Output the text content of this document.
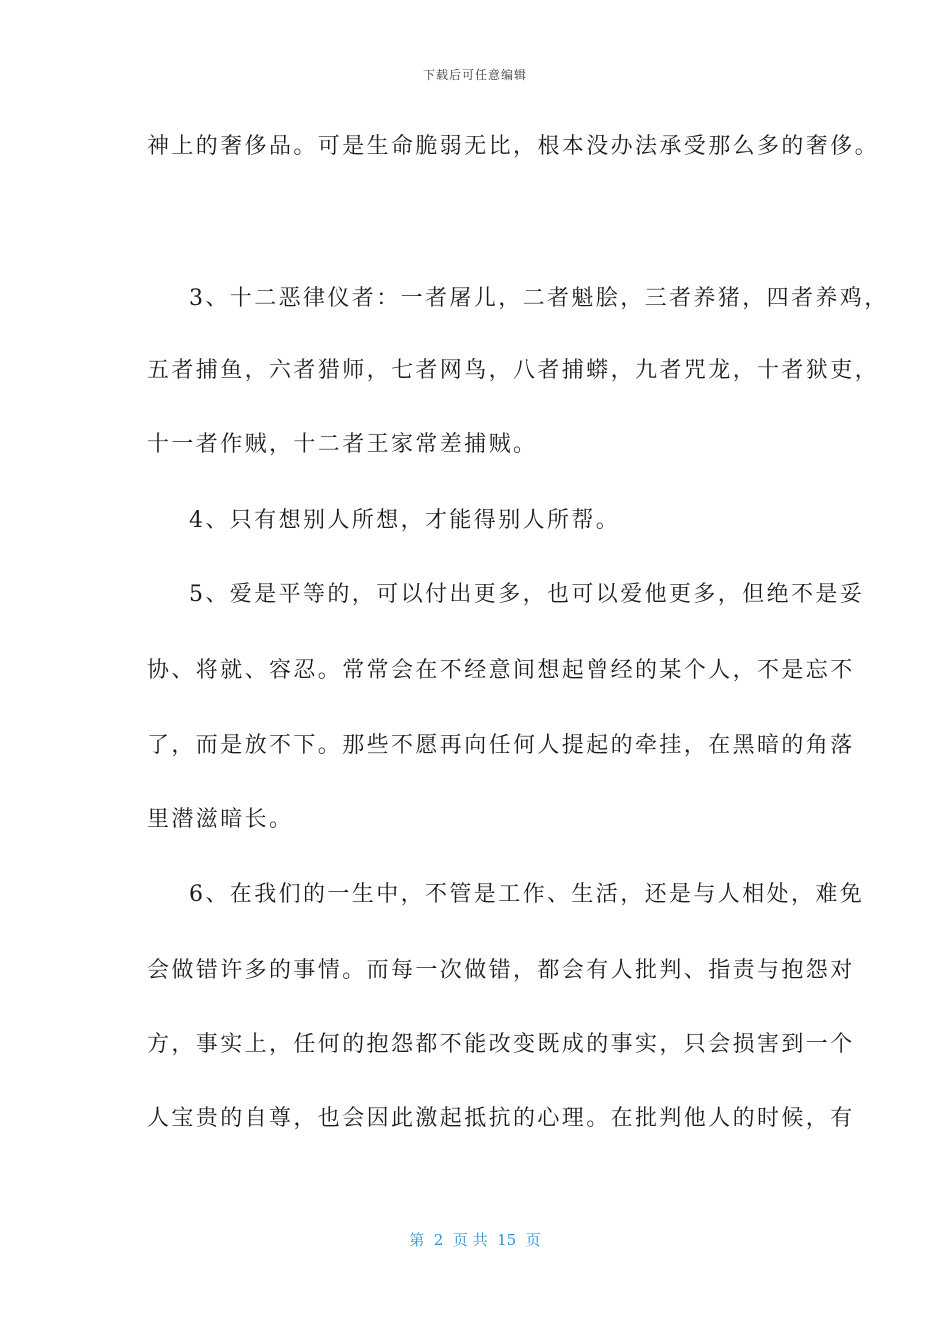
下载后可任意编辑
神上的奢侈品。可是生命脆弱无比，根本没办法承受那么多的奢侈。
3、十二恶律仪者：一者屠儿，二者魁脍，三者养猪，四者养鸡，
五者捕鱼，六者猎师，七者网鸟，八者捕蟒，九者咒龙，十者狱吏，
十一者作贼，十二者王家常差捕贼。
4、只有想别人所想，才能得别人所帮。
5、爱是平等的，可以付出更多，也可以爱他更多，但绝不是妥
协、将就、容忍。常常会在不经意间想起曾经的某个人，不是忘不
了，而是放不下。那些不愿再向任何人提起的牵挂，在黑暗的角落
里潜滋暗长。
6、在我们的一生中，不管是工作、生活，还是与人相处，难免
会做错许多的事情。而每一次做错，都会有人批判、指责与抱怨对
方，事实上，任何的抱怨都不能改变既成的事实，只会损害到一个
人宝贵的自尊，也会因此激起抵抗的心理。在批判他人的时候，有
第  2  页 共  15  页
